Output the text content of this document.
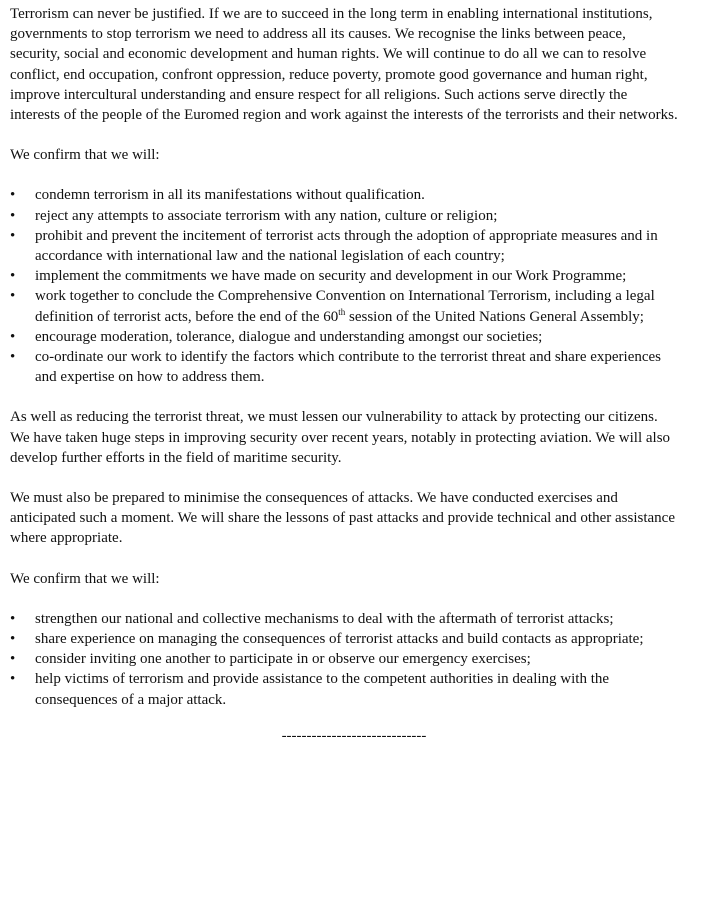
Terrorism can never be justified. If we are to succeed in the long term in enabling international institutions, governments to stop terrorism we need to address all its causes. We recognise the links between peace, security, social and economic development and human rights. We will continue to do all we can to resolve conflict, end occupation, confront oppression, reduce poverty, promote good governance and human right, improve intercultural understanding and ensure respect for all religions. Such actions serve directly the interests of the people of the Euromed region and work against the interests of the terrorists and their networks.

We confirm that we will:

•	condemn terrorism in all its manifestations without qualification.
•	reject any attempts to associate terrorism with any nation, culture or religion;
•	prohibit and prevent the incitement of terrorist acts through the adoption of appropriate measures and in accordance with international law and the national legislation of each country;
•	implement the commitments we have made on security and development in our Work Programme;
•	work together to conclude the Comprehensive Convention on International Terrorism, including a legal definition of terrorist acts, before the end of the 60th session of the United Nations General Assembly;
•	encourage moderation, tolerance, dialogue and understanding amongst our societies;
•	co-ordinate our work to identify the factors which contribute to the terrorist threat and share experiences and expertise on how to address them.

As well as reducing the terrorist threat, we must lessen our vulnerability to attack by protecting our citizens. We have taken huge steps in improving security over recent years, notably in protecting aviation. We will also develop further efforts in the field of maritime security.

We must also be prepared to minimise the consequences of attacks. We have conducted exercises and anticipated such a moment. We will share the lessons of past attacks and provide technical and other assistance where appropriate.

We confirm that we will:

•	strengthen our national and collective mechanisms to deal with the aftermath of terrorist attacks;
•	share experience on managing the consequences of terrorist attacks and build contacts as appropriate;
•	consider inviting one another to participate in or observe our emergency exercises;
•	help victims of terrorism and provide assistance to the competent authorities in dealing with the consequences of a major attack.

-----------------------------
